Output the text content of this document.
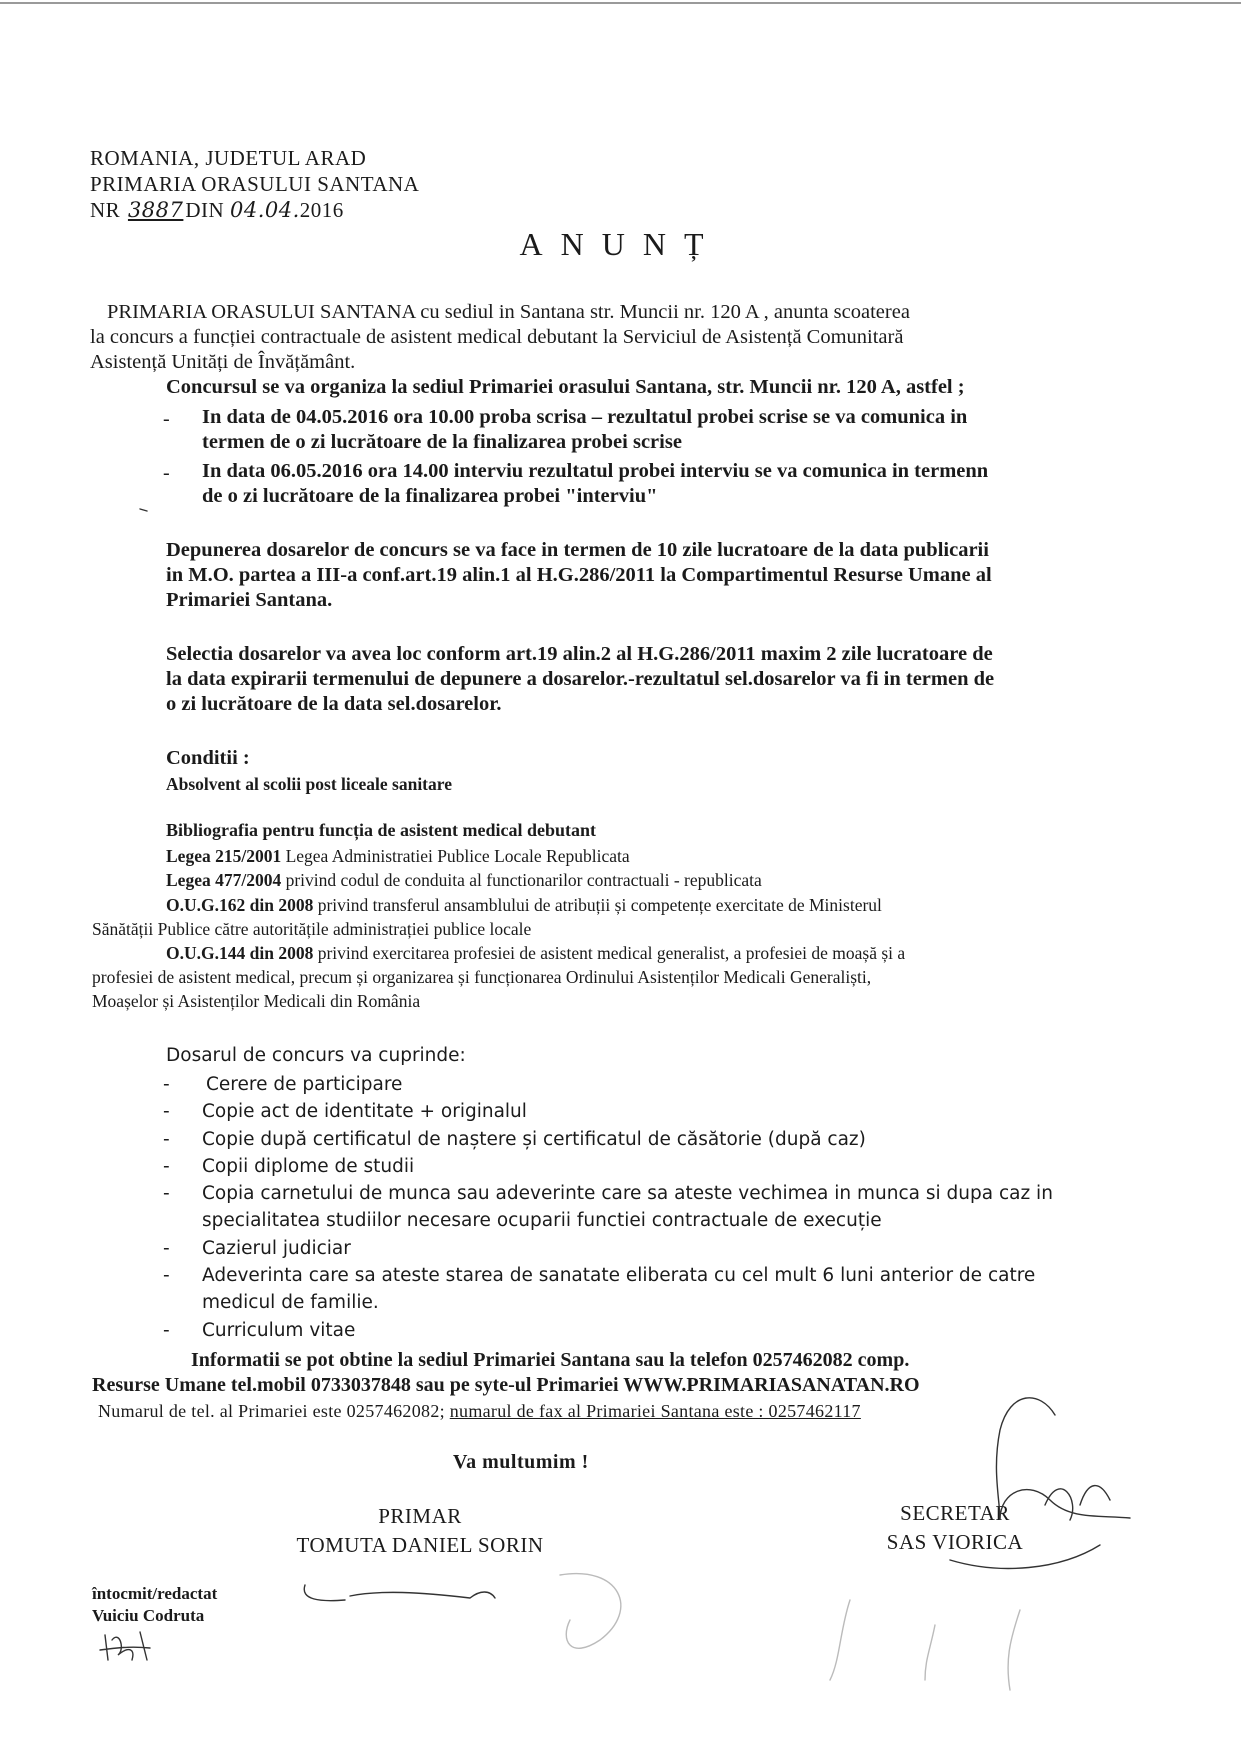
ROMANIA, JUDETUL ARAD
PRIMARIA ORASULUI SANTANA
NR 3887DIN 04.04.2016
ANUNȚ

PRIMARIA ORASULUI SANTANA cu sediul in Santana str. Muncii nr. 120 A , anunta scoaterea

la concurs a funcției contractuale de asistent medical debutant la Serviciul de Asistență Comunitară

Asistență Unități de Învățământ.

Concursul se va organiza la sediul Primariei orasului Santana, str. Muncii nr. 120 A, astfel ;
- In data de 04.05.2016 ora 10.00 proba scrisa – rezultatul probei scrise se va comunica in

termen de o zi lucrătoare de la finalizarea probei scrise

- In data 06.05.2016 ora 14.00 interviu rezultatul probei interviu se va comunica in termenn

de o zi lucrătoare de la finalizarea probei "interviu"

Depunerea dosarelor de concurs se va face in termen de 10 zile lucratoare de la data publicarii

in M.O. partea a III-a conf.art.19 alin.1 al H.G.286/2011 la Compartimentul Resurse Umane al

Primariei Santana.

Selectia dosarelor va avea loc conform art.19 alin.2 al H.G.286/2011 maxim 2 zile lucratoare de

la data expirarii termenului de depunere a dosarelor.-rezultatul sel.dosarelor va fi in termen de

o zi lucrătoare de la data sel.dosarelor.

Conditii :
Absolvent al scolii post liceale sanitare
Bibliografia pentru funcția de asistent medical debutant
Legea 215/2001 Legea Administratiei Publice Locale Republicata
Legea 477/2004 privind codul de conduita al functionarilor contractuali - republicata
O.U.G.162 din 2008 privind transferul ansamblului de atribuții și competențe exercitate de Ministerul
Sănătății Publice către autoritățile administrației publice locale
O.U.G.144 din 2008 privind exercitarea profesiei de asistent medical generalist, a profesiei de moașă și a
profesiei de asistent medical, precum și organizarea și funcționarea Ordinului Asistenților Medicali Generaliști,
Moașelor și Asistenților Medicali din România
Dosarul de concurs va cuprinde:
-	Cerere de participare
-	Copie act de identitate + originalul
-	Copie după certificatul de naștere și certificatul de căsătorie (după caz)
-	Copii diplome de studii
-	Copia carnetului de munca sau adeverinte care sa ateste vechimea in munca si dupa caz in
specialitatea studiilor necesare ocuparii functiei contractuale de execuție
-	Cazierul judiciar
-	Adeverinta care sa ateste starea de sanatate eliberata cu cel mult 6 luni anterior de catre
medicul de familie.
-	Curriculum vitae
Informatii se pot obtine la sediul Primariei Santana sau la telefon 0257462082 comp.
Resurse Umane tel.mobil 0733037848 sau pe syte-ul Primariei WWW.PRIMARIASANATAN.RO
Numarul de tel. al Primariei este 0257462082; numarul de fax al Primariei Santana este : 0257462117
Va multumim !
PRIMAR
TOMUTA DANIEL SORIN
SECRETAR
SAS VIORICA
întocmit/redactat
Vuiciu Codruta
